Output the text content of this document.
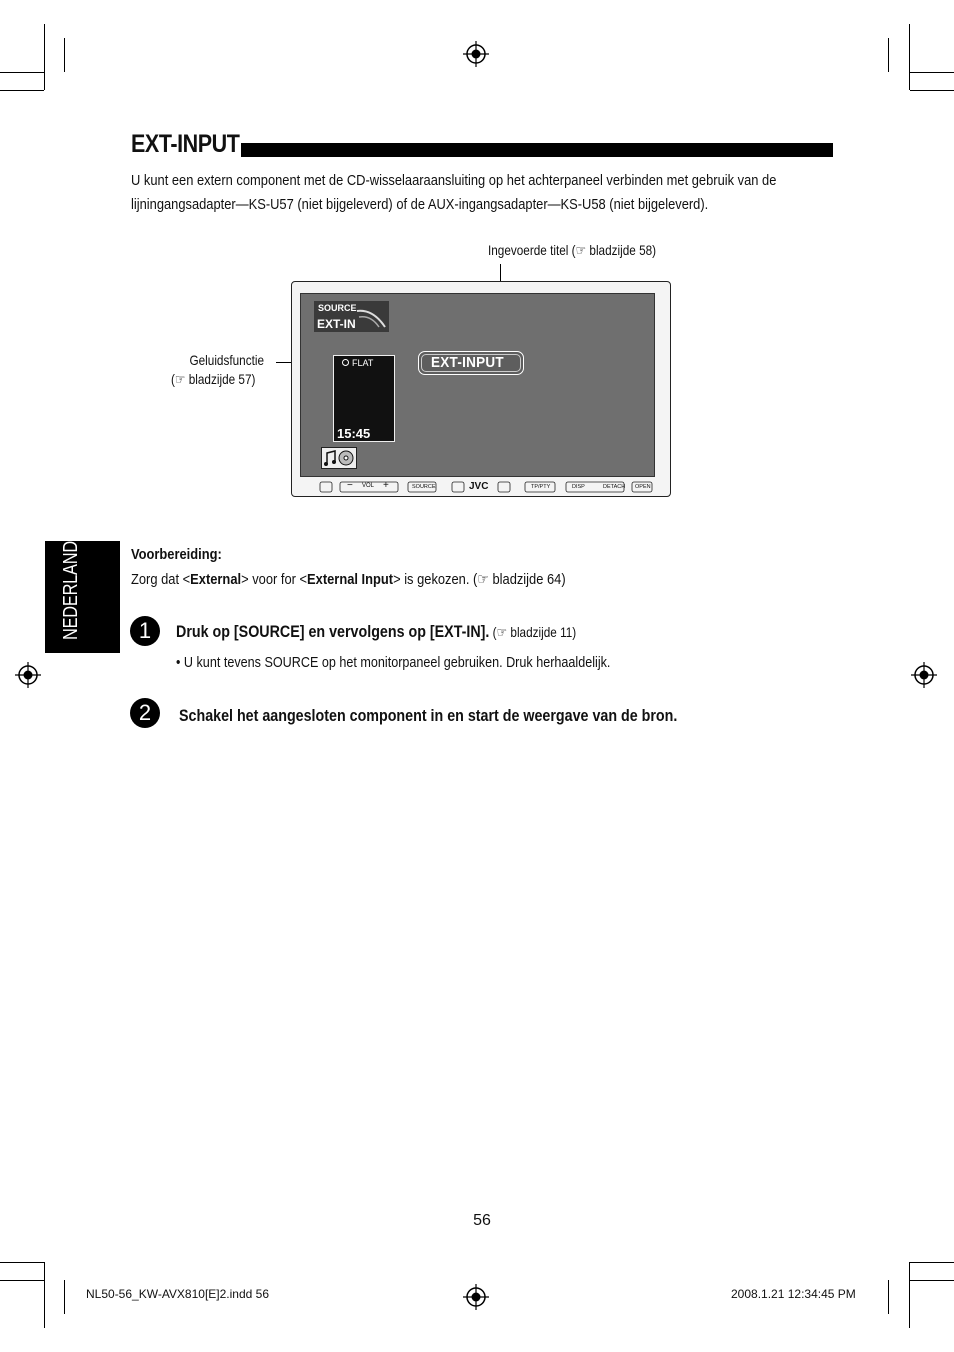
EXT-INPUT
U kunt een extern component met de CD-wisselaaraansluiting op het achterpaneel verbinden met gebruik van de
lijningangsadapter—KS-U57 (niet bijgeleverd) of de AUX-ingangsadapter—KS-U58 (niet bijgeleverd).
Ingevoerde titel (☞ bladzijde 58)
Geluidsfunctie
(☞ bladzijde 57)
SOURCE
EXT-IN
FLAT
15:45
EXT-INPUT
− VOL +	SOURCE	JVC	TP/PTY	DISP	DETACH OPEN
NEDERLANDS	Voorbereiding:
Zorg dat <External> voor for <External Input> is gekozen. (☞ bladzijde 64)
1	Druk op [SOURCE] en vervolgens op [EXT-IN]. (☞ bladzijde 11)
• U kunt tevens SOURCE op het monitorpaneel gebruiken. Druk herhaaldelijk.
2	Schakel het aangesloten component in en start de weergave van de bron.
56
NL50-56_KW-AVX810[E]2.indd 56	2008.1.21 12:34:45 PM
